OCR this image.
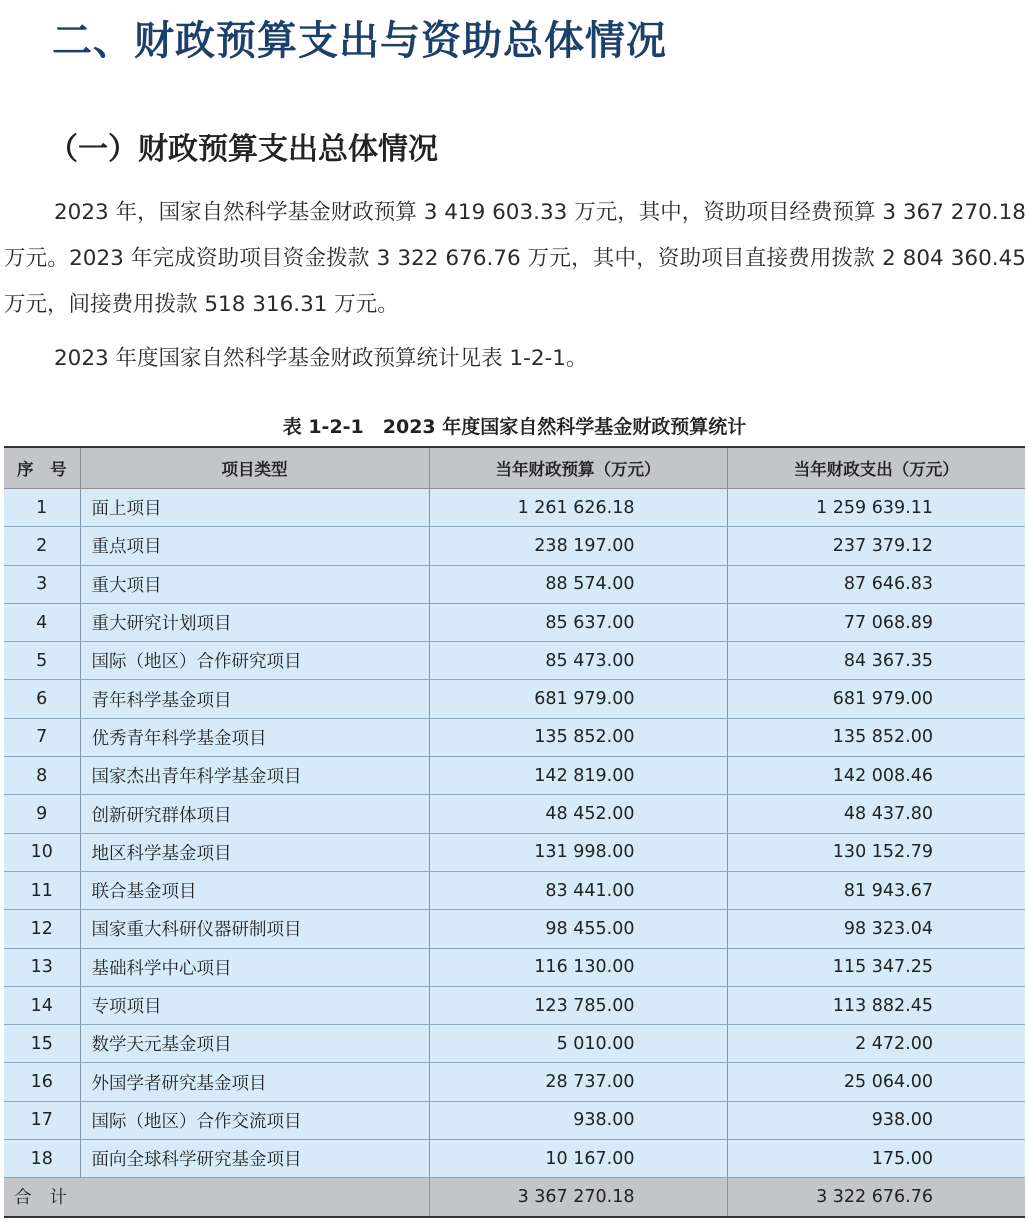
二、财政预算支出与资助总体情况
（一）财政预算支出总体情况
2023 年，国家自然科学基金财政预算 3 419 603.33 万元，其中，资助项目经费预算 3 367 270.18 万元。2023 年完成资助项目资金拨款 3 322 676.76 万元，其中，资助项目直接费用拨款 2 804 360.45 万元，间接费用拨款 518 316.31 万元。
2023 年度国家自然科学基金财政预算统计见表 1-2-1。
表 1-2-1　2023 年度国家自然科学基金财政预算统计
序　号	项目类型	当年财政预算（万元）	当年财政支出（万元）
1	面上项目	1 261 626.18	1 259 639.11
2	重点项目	238 197.00	237 379.12
3	重大项目	88 574.00	87 646.83
4	重大研究计划项目	85 637.00	77 068.89
5	国际（地区）合作研究项目	85 473.00	84 367.35
6	青年科学基金项目	681 979.00	681 979.00
7	优秀青年科学基金项目	135 852.00	135 852.00
8	国家杰出青年科学基金项目	142 819.00	142 008.46
9	创新研究群体项目	48 452.00	48 437.80
10	地区科学基金项目	131 998.00	130 152.79
11	联合基金项目	83 441.00	81 943.67
12	国家重大科研仪器研制项目	98 455.00	98 323.04
13	基础科学中心项目	116 130.00	115 347.25
14	专项项目	123 785.00	113 882.45
15	数学天元基金项目	5 010.00	2 472.00
16	外国学者研究基金项目	28 737.00	25 064.00
17	国际（地区）合作交流项目	938.00	938.00
18	面向全球科学研究基金项目	10 167.00	175.00
合计		3 367 270.18	3 322 676.76
